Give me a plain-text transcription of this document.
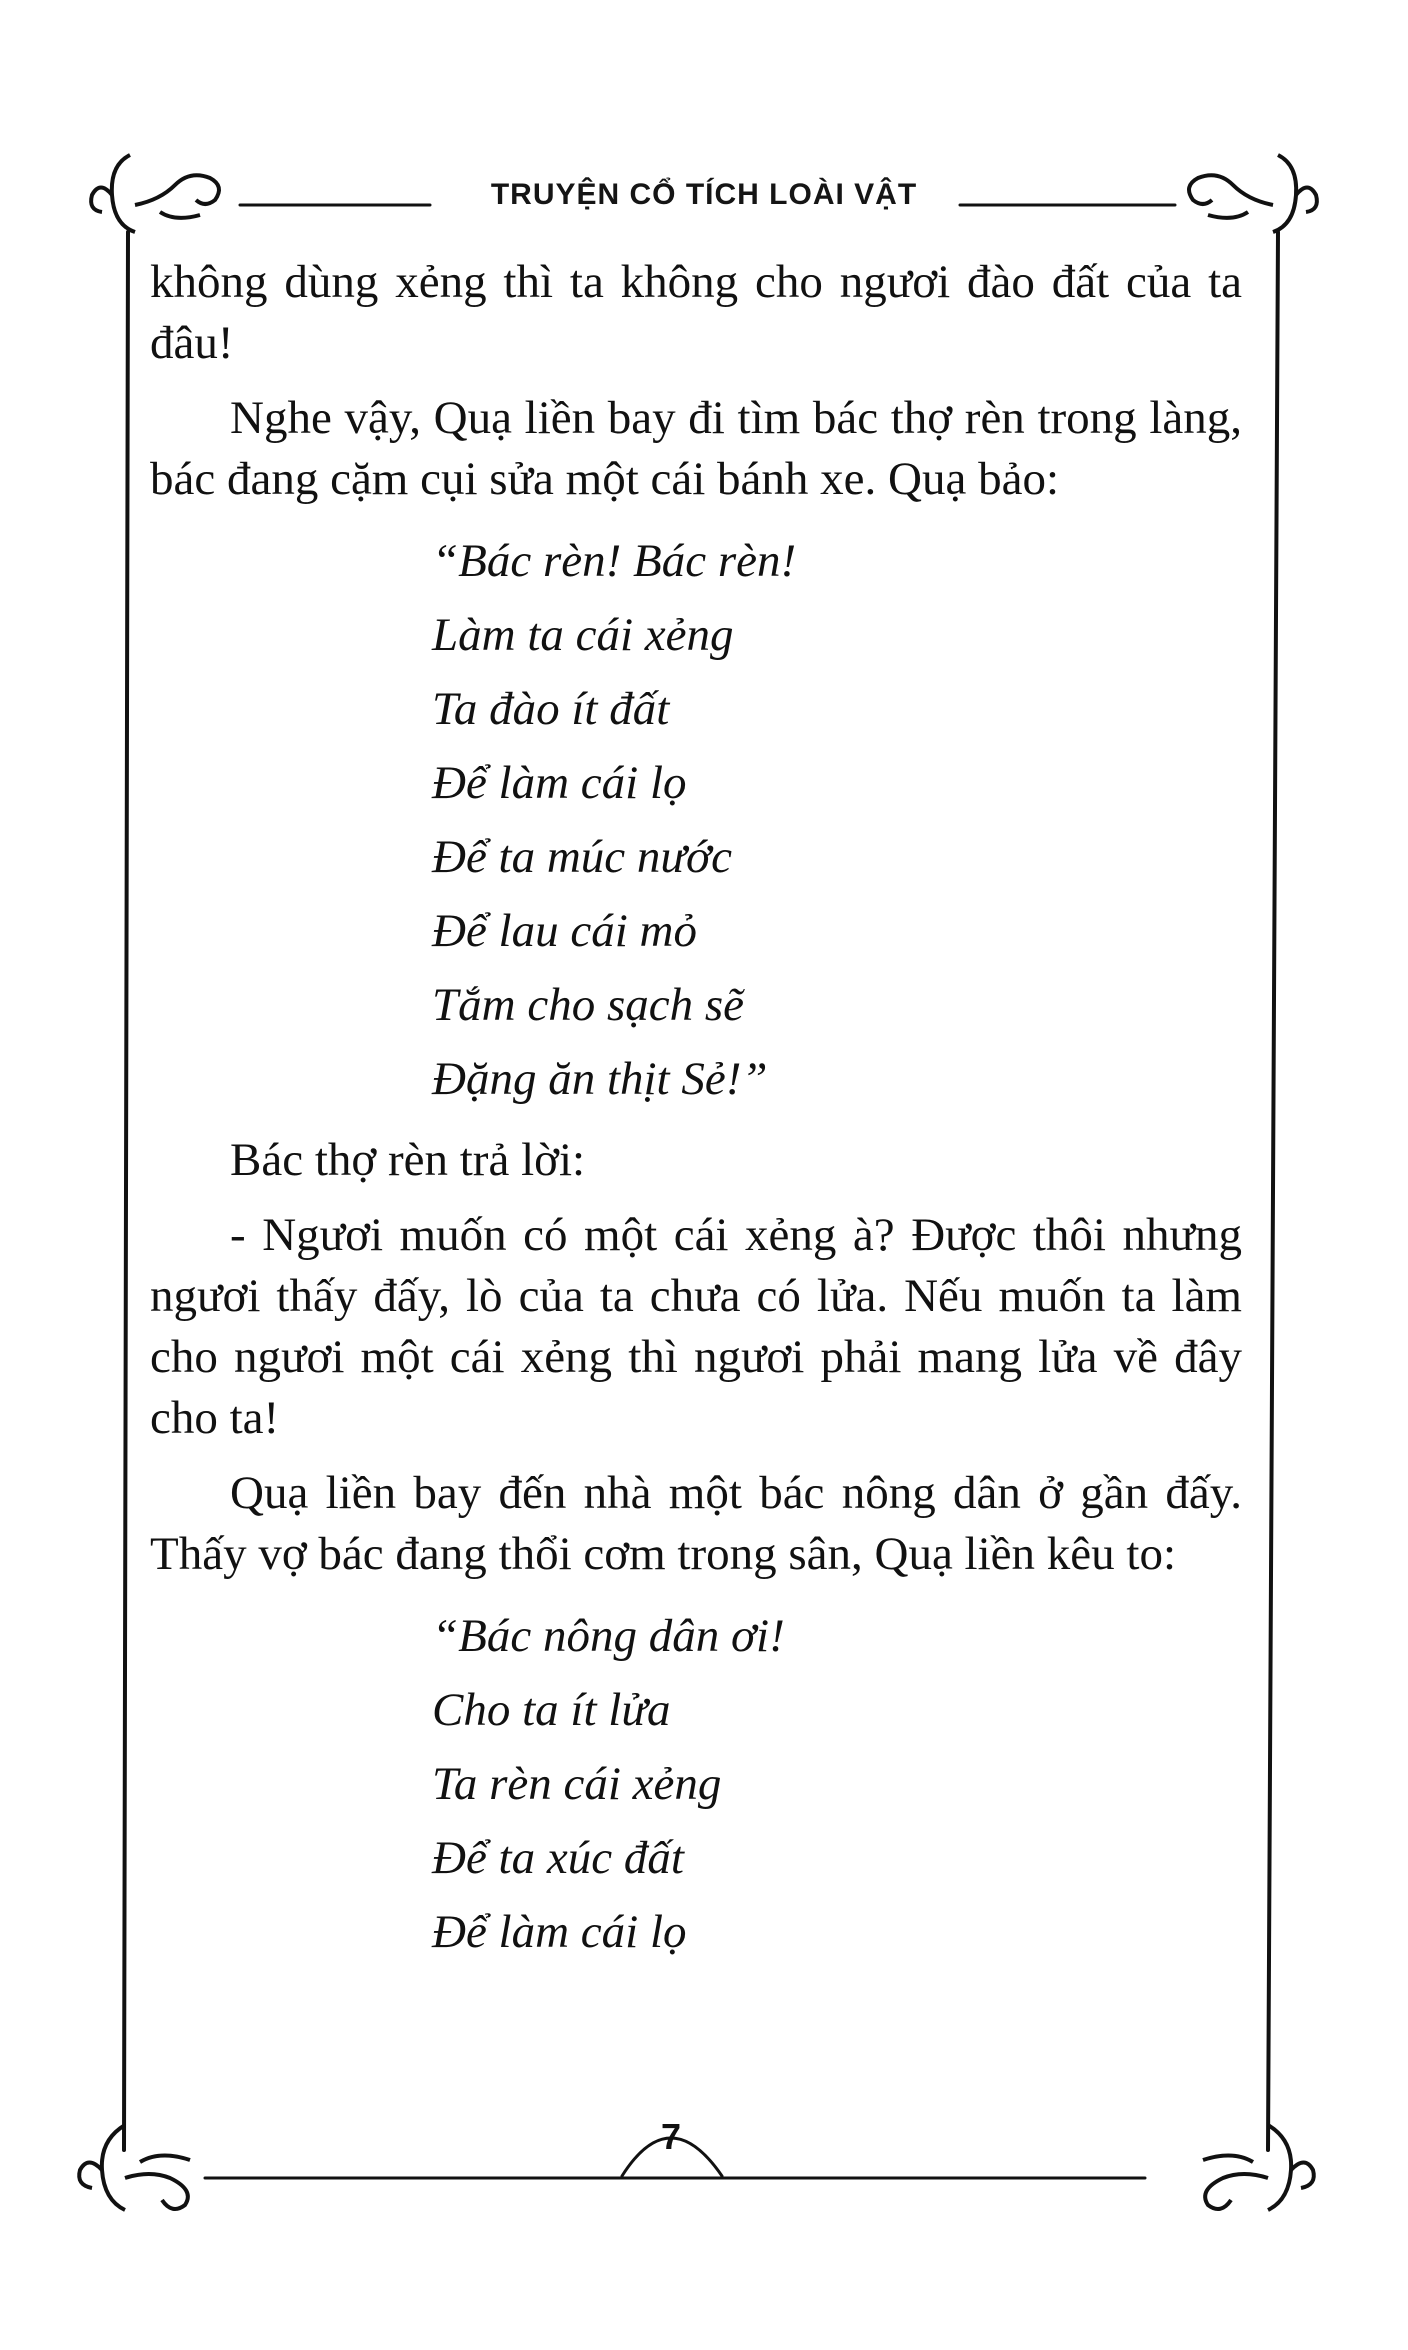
TRUYỆN CỔ TÍCH LOÀI VẬT

không dùng xẻng thì ta không cho ngươi đào đất của ta đâu!

Nghe vậy, Quạ liền bay đi tìm bác thợ rèn trong làng, bác đang cặm cụi sửa một cái bánh xe. Quạ bảo:

“Bác rèn! Bác rèn!
Làm ta cái xẻng
Ta đào ít đất
Để làm cái lọ
Để ta múc nước
Để lau cái mỏ
Tắm cho sạch sẽ
Đặng ăn thịt Sẻ!”

Bác thợ rèn trả lời:

- Ngươi muốn có một cái xẻng à? Được thôi nhưng ngươi thấy đấy, lò của ta chưa có lửa. Nếu muốn ta làm cho ngươi một cái xẻng thì ngươi phải mang lửa về đây cho ta!

Quạ liền bay đến nhà một bác nông dân ở gần đấy. Thấy vợ bác đang thổi cơm trong sân, Quạ liền kêu to:

“Bác nông dân ơi!
Cho ta ít lửa
Ta rèn cái xẻng
Để ta xúc đất
Để làm cái lọ
7
